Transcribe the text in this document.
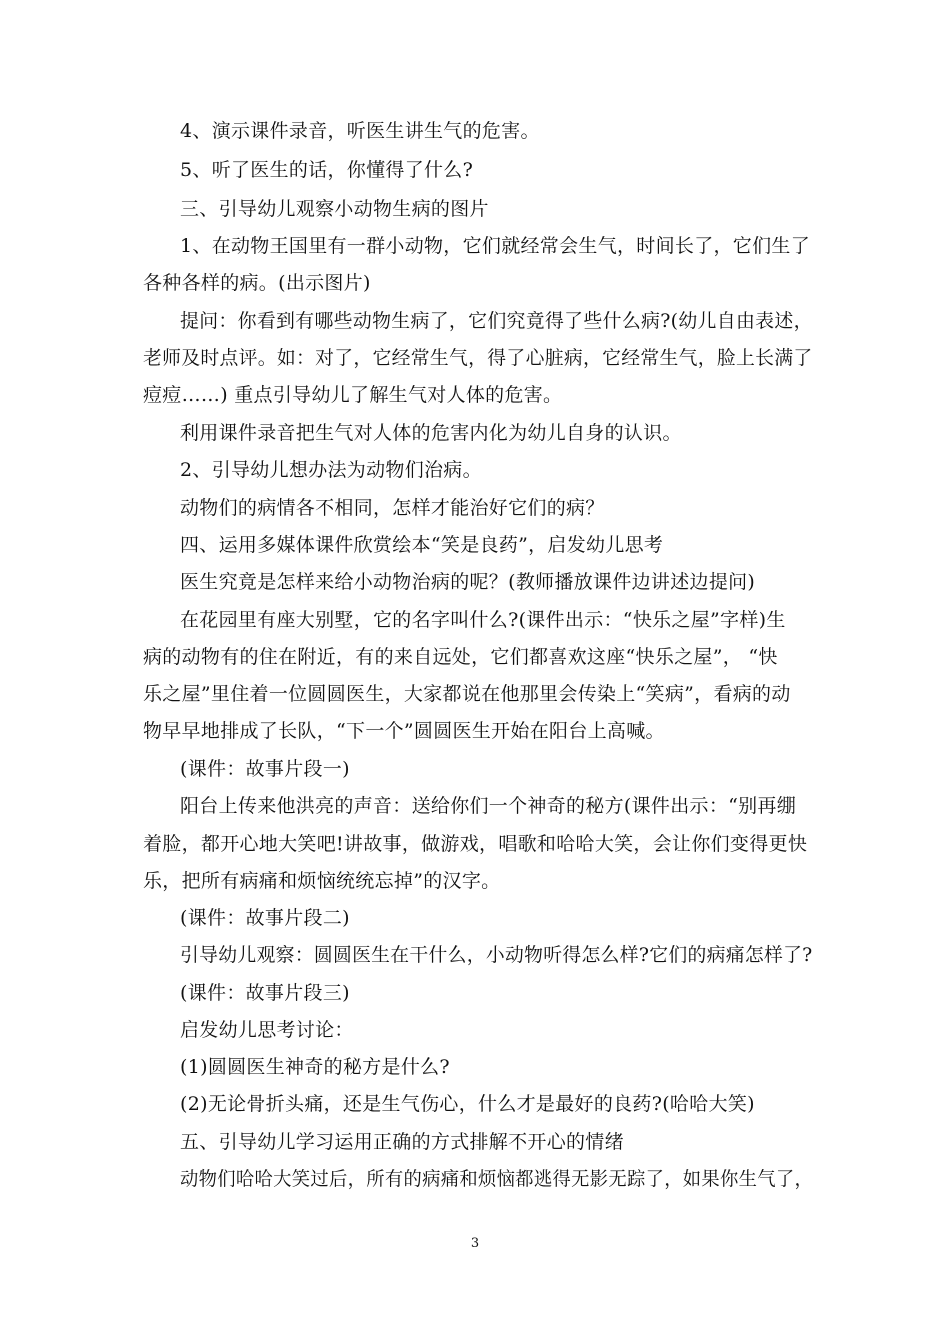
4、演示课件录音，听医生讲生气的危害。
5、听了医生的话，你懂得了什么?
三、引导幼儿观察小动物生病的图片
1、在动物王国里有一群小动物，它们就经常会生气，时间长了，它们生了
各种各样的病。(出示图片)
提问：你看到有哪些动物生病了，它们究竟得了些什么病?(幼儿自由表述，
老师及时点评。如：对了，它经常生气，得了心脏病，它经常生气，脸上长满了
痘痘……) 重点引导幼儿了解生气对人体的危害。
利用课件录音把生气对人体的危害内化为幼儿自身的认识。
2、引导幼儿想办法为动物们治病。
动物们的病情各不相同，怎样才能治好它们的病？
四、运用多媒体课件欣赏绘本“笑是良药”，启发幼儿思考
医生究竟是怎样来给小动物治病的呢？(教师播放课件边讲述边提问)
在花园里有座大别墅，它的名字叫什么?(课件出示：“快乐之屋”字样)生
病的动物有的住在附近，有的来自远处，它们都喜欢这座“快乐之屋”， “快
乐之屋”里住着一位圆圆医生，大家都说在他那里会传染上“笑病”，看病的动
物早早地排成了长队，“下一个”圆圆医生开始在阳台上高喊。
(课件：故事片段一)
阳台上传来他洪亮的声音：送给你们一个神奇的秘方(课件出示：“别再绷
着脸，都开心地大笑吧!讲故事，做游戏，唱歌和哈哈大笑，会让你们变得更快
乐，把所有病痛和烦恼统统忘掉”的汉字。
(课件：故事片段二)
引导幼儿观察：圆圆医生在干什么，小动物听得怎么样?它们的病痛怎样了?
(课件：故事片段三)
启发幼儿思考讨论：
(1)圆圆医生神奇的秘方是什么?
(2)无论骨折头痛，还是生气伤心，什么才是最好的良药?(哈哈大笑)
五、引导幼儿学习运用正确的方式排解不开心的情绪
动物们哈哈大笑过后，所有的病痛和烦恼都逃得无影无踪了，如果你生气了，
3
